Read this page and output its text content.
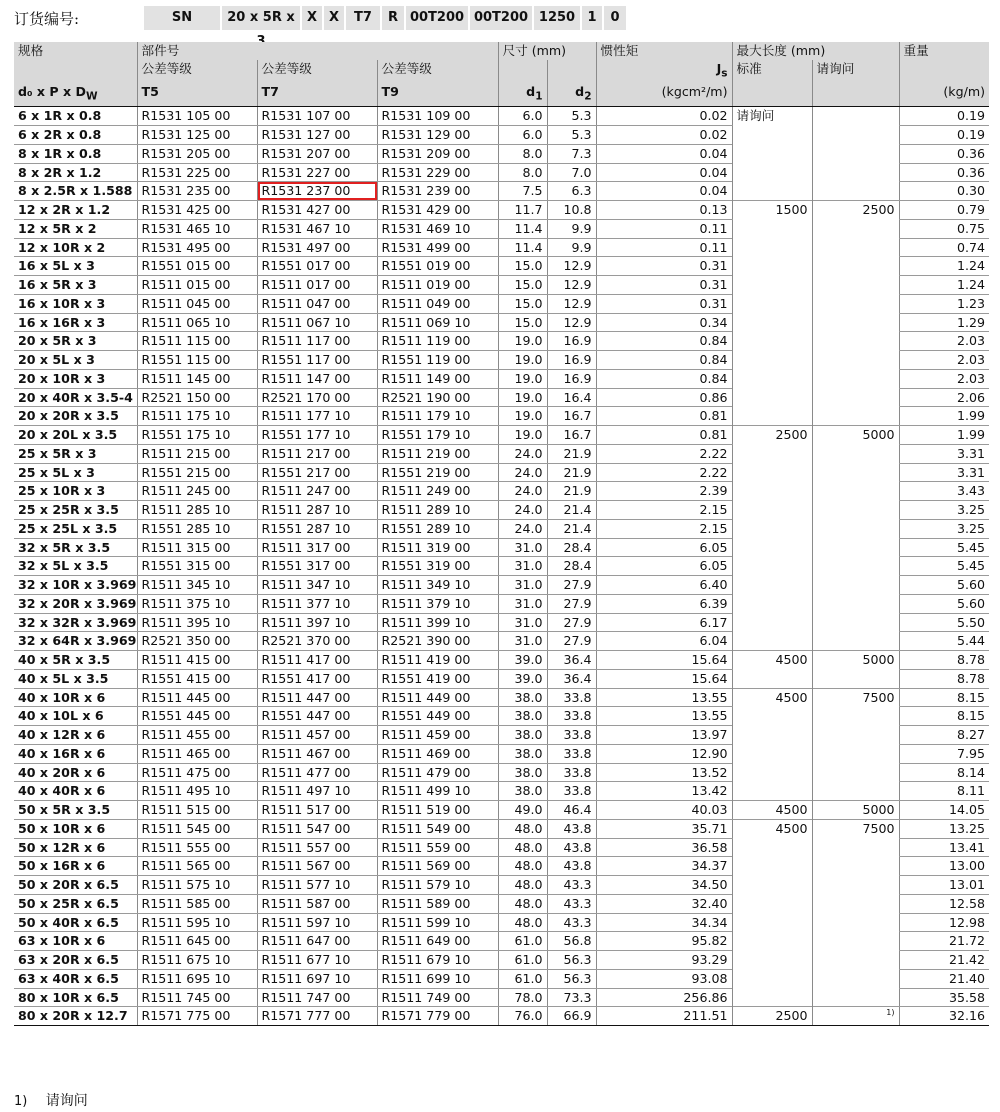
订货编号:	SN	20 x 5R x X X	T7	R 00T200 00T200 1250 1	0
规格	部件号			尺寸 (mm)		惯性矩	最大长度 (mm)		重量
	公差等级	公差等级	公差等级			$J_s$	标准	请询问	
d₀ x P x $D_W$	T5	T7	T9	$d_1$	$d_2$	(kgcm²/m)			(kg/m)
6 x 1R x 0.8	R1531 105 00	R1531 107 00	R1531 109 00	6.0	5.3	0.02	请询问		0.19
6 x 2R x 0.8	R1531 125 00	R1531 127 00	R1531 129 00	6.0	5.3	0.02			0.19
8 x 1R x 0.8	R1531 205 00	R1531 207 00	R1531 209 00	8.0	7.3	0.04			0.36
8 x 2R x 1.2	R1531 225 00	R1531 227 00	R1531 229 00	8.0	7.0	0.04			0.36
8 x 2.5R x 1.588	R1531 235 00	R1531 237 00	R1531 239 00	7.5	6.3	0.04			0.30
12 x 2R x 1.2	R1531 425 00	R1531 427 00	R1531 429 00	11.7	10.8	0.13	1500	2500	0.79
12 x 5R x 2	R1531 465 10	R1531 467 10	R1531 469 10	11.4	9.9	0.11			0.75
12 x 10R x 2	R1531 495 00	R1531 497 00	R1531 499 00	11.4	9.9	0.11			0.74
16 x 5L x 3	R1551 015 00	R1551 017 00	R1551 019 00	15.0	12.9	0.31			1.24
16 x 5R x 3	R1511 015 00	R1511 017 00	R1511 019 00	15.0	12.9	0.31			1.24
16 x 10R x 3	R1511 045 00	R1511 047 00	R1511 049 00	15.0	12.9	0.31			1.23
16 x 16R x 3	R1511 065 10	R1511 067 10	R1511 069 10	15.0	12.9	0.34			1.29
20 x 5R x 3	R1511 115 00	R1511 117 00	R1511 119 00	19.0	16.9	0.84			2.03
20 x 5L x 3	R1551 115 00	R1551 117 00	R1551 119 00	19.0	16.9	0.84			2.03
20 x 10R x 3	R1511 145 00	R1511 147 00	R1511 149 00	19.0	16.9	0.84			2.03
20 x 40R x 3.5-4	R2521 150 00	R2521 170 00	R2521 190 00	19.0	16.4	0.86			2.06
20 x 20R x 3.5	R1511 175 10	R1511 177 10	R1511 179 10	19.0	16.7	0.81			1.99
20 x 20L x 3.5	R1551 175 10	R1551 177 10	R1551 179 10	19.0	16.7	0.81	2500	5000	1.99
25 x 5R x 3	R1511 215 00	R1511 217 00	R1511 219 00	24.0	21.9	2.22			3.31
25 x 5L x 3	R1551 215 00	R1551 217 00	R1551 219 00	24.0	21.9	2.22			3.31
25 x 10R x 3	R1511 245 00	R1511 247 00	R1511 249 00	24.0	21.9	2.39			3.43
25 x 25R x 3.5	R1511 285 10	R1511 287 10	R1511 289 10	24.0	21.4	2.15			3.25
25 x 25L x 3.5	R1551 285 10	R1551 287 10	R1551 289 10	24.0	21.4	2.15			3.25
32 x 5R x 3.5	R1511 315 00	R1511 317 00	R1511 319 00	31.0	28.4	6.05			5.45
32 x 5L x 3.5	R1551 315 00	R1551 317 00	R1551 319 00	31.0	28.4	6.05			5.45
32 x 10R x 3.969	R1511 345 10	R1511 347 10	R1511 349 10	31.0	27.9	6.40			5.60
32 x 20R x 3.969	R1511 375 10	R1511 377 10	R1511 379 10	31.0	27.9	6.39			5.60
32 x 32R x 3.969	R1511 395 10	R1511 397 10	R1511 399 10	31.0	27.9	6.17			5.50
32 x 64R x 3.969	R2521 350 00	R2521 370 00	R2521 390 00	31.0	27.9	6.04			5.44
40 x 5R x 3.5	R1511 415 00	R1511 417 00	R1511 419 00	39.0	36.4	15.64	4500	5000	8.78
40 x 5L x 3.5	R1551 415 00	R1551 417 00	R1551 419 00	39.0	36.4	15.64			8.78
40 x 10R x 6	R1511 445 00	R1511 447 00	R1511 449 00	38.0	33.8	13.55	4500	7500	8.15
40 x 10L x 6	R1551 445 00	R1551 447 00	R1551 449 00	38.0	33.8	13.55			8.15
40 x 12R x 6	R1511 455 00	R1511 457 00	R1511 459 00	38.0	33.8	13.97			8.27
40 x 16R x 6	R1511 465 00	R1511 467 00	R1511 469 00	38.0	33.8	12.90			7.95
40 x 20R x 6	R1511 475 00	R1511 477 00	R1511 479 00	38.0	33.8	13.52			8.14
40 x 40R x 6	R1511 495 10	R1511 497 10	R1511 499 10	38.0	33.8	13.42			8.11
50 x 5R x 3.5	R1511 515 00	R1511 517 00	R1511 519 00	49.0	46.4	40.03	4500	5000	14.05
50 x 10R x 6	R1511 545 00	R1511 547 00	R1511 549 00	48.0	43.8	35.71	4500	7500	13.25
50 x 12R x 6	R1511 555 00	R1511 557 00	R1511 559 00	48.0	43.8	36.58			13.41
50 x 16R x 6	R1511 565 00	R1511 567 00	R1511 569 00	48.0	43.8	34.37			13.00
50 x 20R x 6.5	R1511 575 10	R1511 577 10	R1511 579 10	48.0	43.3	34.50			13.01
50 x 25R x 6.5	R1511 585 00	R1511 587 00	R1511 589 00	48.0	43.3	32.40			12.58
50 x 40R x 6.5	R1511 595 10	R1511 597 10	R1511 599 10	48.0	43.3	34.34			12.98
63 x 10R x 6	R1511 645 00	R1511 647 00	R1511 649 00	61.0	56.8	95.82			21.72
63 x 20R x 6.5	R1511 675 10	R1511 677 10	R1511 679 10	61.0	56.3	93.29			21.42
63 x 40R x 6.5	R1511 695 10	R1511 697 10	R1511 699 10	61.0	56.3	93.08			21.40
80 x 10R x 6.5	R1511 745 00	R1511 747 00	R1511 749 00	78.0	73.3	256.86			35.58
80 x 20R x 12.7	R1571 775 00	R1571 777 00	R1571 779 00	76.0	66.9	211.51	2500	$^{1)}$	32.16
1) 请询问
